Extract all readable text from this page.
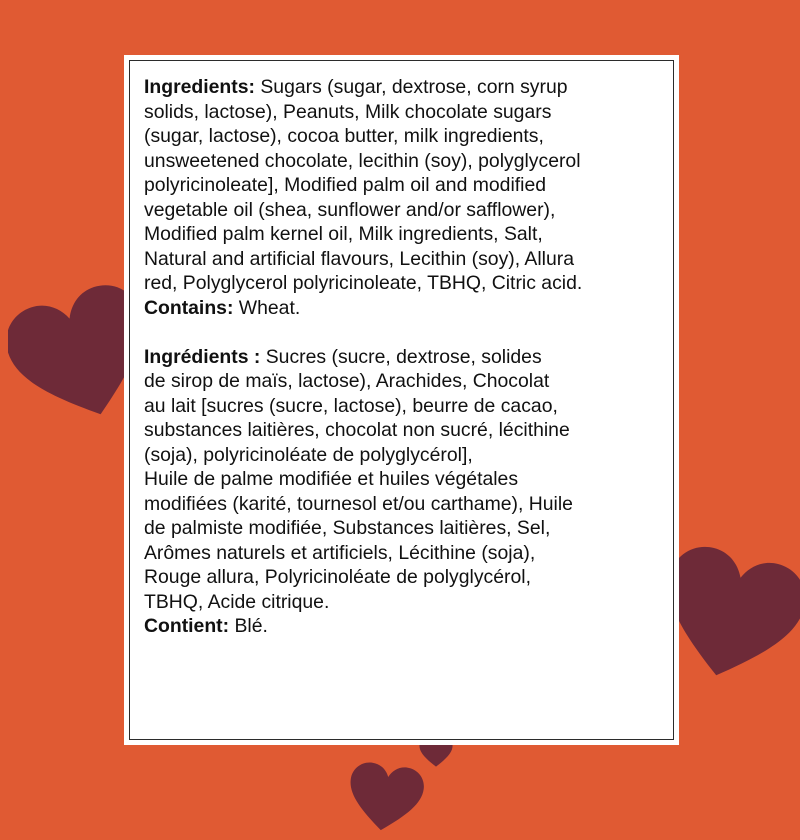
Ingredients: Sugars (sugar, dextrose, corn syrup
solids, lactose), Peanuts, Milk chocolate sugars
(sugar, lactose), cocoa butter, milk ingredients,
unsweetened chocolate, lecithin (soy), polyglycerol
polyricinoleate], Modified palm oil and modified
vegetable oil (shea, sunflower and/or safflower),
Modified palm kernel oil, Milk ingredients, Salt,
Natural and artificial flavours, Lecithin (soy), Allura
red, Polyglycerol polyricinoleate, TBHQ, Citric acid.
Contains: Wheat.
Ingrédients : Sucres (sucre, dextrose, solides
de sirop de maïs, lactose), Arachides, Chocolat
au lait [sucres (sucre, lactose), beurre de cacao,
substances laitières, chocolat non sucré, lécithine
(soja), polyricinoléate de polyglycérol],
Huile de palme modifiée et huiles végétales
modifiées (karité, tournesol et/ou carthame), Huile
de palmiste modifiée, Substances laitières, Sel,
Arômes naturels et artificiels, Lécithine (soja),
Rouge allura, Polyricinoléate de polyglycérol,
TBHQ, Acide citrique.
Contient: Blé.
